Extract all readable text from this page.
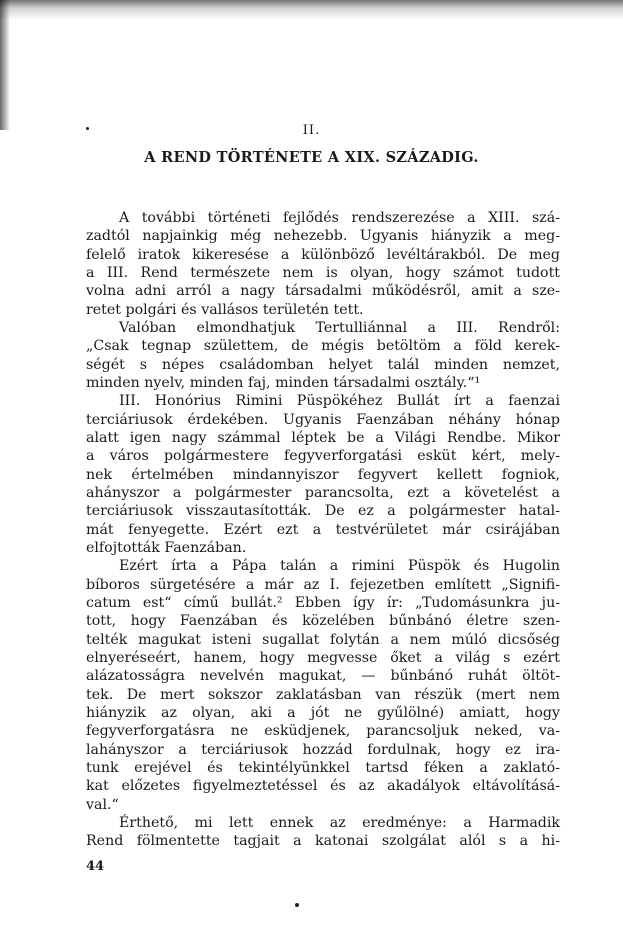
II.
A REND TÖRTÉNETE A XIX. SZÁZADIG.
A további történeti fejlődés rendszerezése a XIII. szá-
zadtól napjainkig még nehezebb. Ugyanis hiányzik a meg-
felelő iratok kikeresése a különböző levéltárakból. De meg
a III. Rend természete nem is olyan, hogy számot tudott
volna adni arról a nagy társadalmi működésről, amit a sze-
retet polgári és vallásos területén tett.
Valóban elmondhatjuk Tertulliánnal a III. Rendről:
„Csak tegnap születtem, de mégis betöltöm a föld kerek-
ségét s népes családomban helyet talál minden nemzet,
minden nyelv, minden faj, minden társadalmi osztály.“¹
III. Honórius Rimini Püspökéhez Bullát írt a faenzai
terciáriusok érdekében. Ugyanis Faenzában néhány hónap
alatt igen nagy számmal léptek be a Világi Rendbe. Mikor
a város polgármestere fegyverforgatási esküt kért, mely-
nek értelmében mindannyiszor fegyvert kellett fogniok,
ahányszor a polgármester parancsolta, ezt a követelést a
terciáriusok visszautasították. De ez a polgármester hatal-
mát fenyegette. Ezért ezt a testvérületet már csirájában
elfojtották Faenzában.
Ezért írta a Pápa talán a rimini Püspök és Hugolin
bíboros sürgetésére a már az I. fejezetben említett „Signifi-
catum est“ című bullát.² Ebben így ír: „Tudomásunkra ju-
tott, hogy Faenzában és közelében bűnbánó életre szen-
telték magukat isteni sugallat folytán a nem múló dicsőség
elnyeréseért, hanem, hogy megvesse őket a világ s ezért
alázatosságra nevelvén magukat, — bűnbánó ruhát öltöt-
tek. De mert sokszor zaklatásban van részük (mert nem
hiányzik az olyan, aki a jót ne gyűlölné) amiatt, hogy
fegyverforgatásra ne esküdjenek, parancsoljuk neked, va-
lahányszor a terciáriusok hozzád fordulnak, hogy ez ira-
tunk erejével és tekintélyünkkel tartsd féken a zaklató-
kat előzetes figyelmeztetéssel és az akadályok eltávolításá-
val.“
Érthető, mi lett ennek az eredménye: a Harmadik
Rend fölmentette tagjait a katonai szolgálat alól s a hi-
44
